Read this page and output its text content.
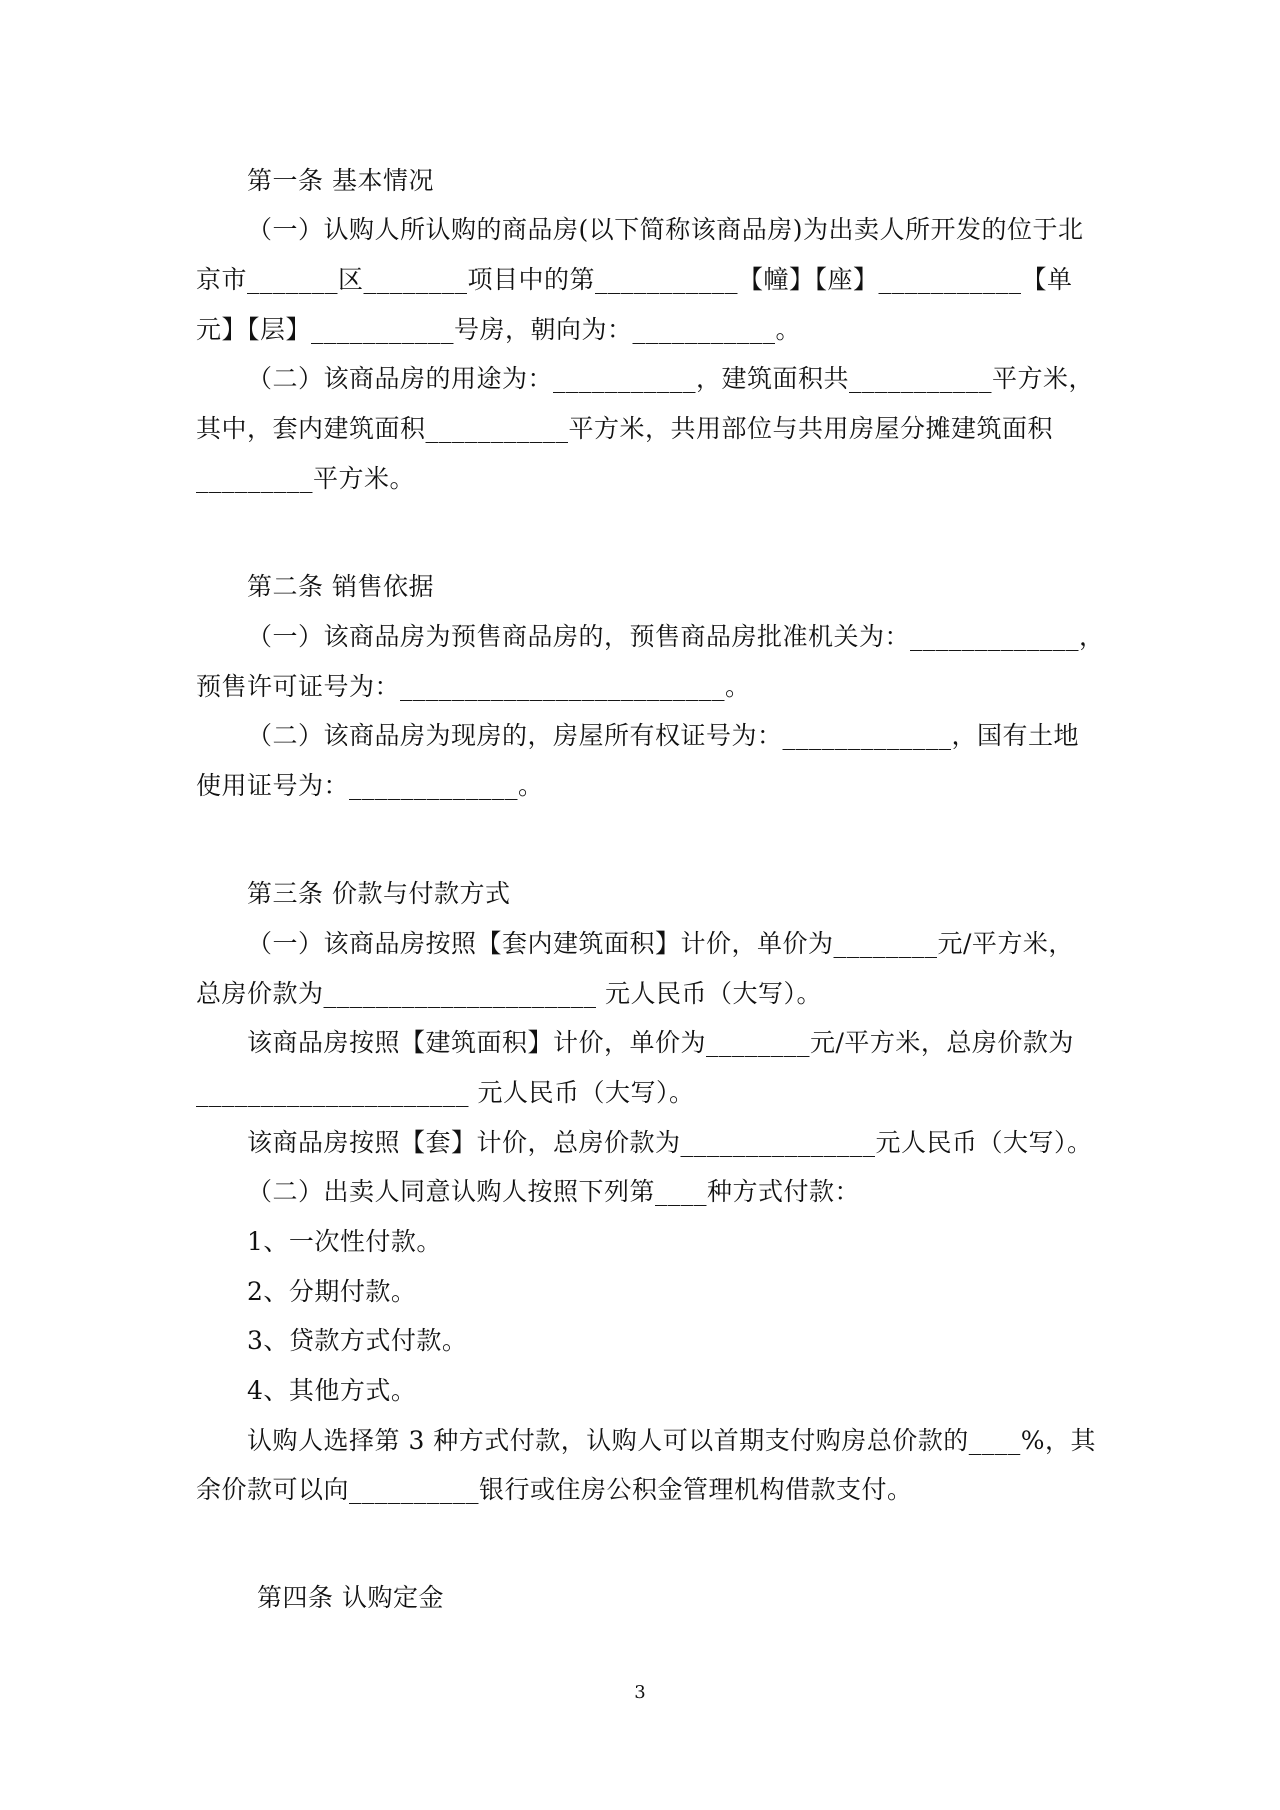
第一条 基本情况
（一）认购人所认购的商品房(以下简称该商品房)为出卖人所开发的位于北
京市_______区________项目中的第___________【幢】【座】___________【单
元】【层】___________号房，朝向为：___________。
（二）该商品房的用途为：___________，建筑面积共___________平方米，
其中，套内建筑面积___________平方米，共用部位与共用房屋分摊建筑面积
_________平方米。
第二条 销售依据
（一）该商品房为预售商品房的，预售商品房批准机关为：_____________，
预售许可证号为：_________________________。
（二）该商品房为现房的，房屋所有权证号为：_____________，国有土地
使用证号为：_____________。
第三条 价款与付款方式
（一）该商品房按照【套内建筑面积】计价，单价为________元/平方米，
总房价款为_____________________ 元人民币（大写）。
该商品房按照【建筑面积】计价，单价为________元/平方米，总房价款为
_____________________ 元人民币（大写）。
该商品房按照【套】计价，总房价款为_______________元人民币（大写）。
（二）出卖人同意认购人按照下列第____种方式付款：
1、一次性付款。
2、分期付款。
3、贷款方式付款。
4、其他方式。
认购人选择第 3 种方式付款，认购人可以首期支付购房总价款的____%，其
余价款可以向__________银行或住房公积金管理机构借款支付。
第四条 认购定金
3
